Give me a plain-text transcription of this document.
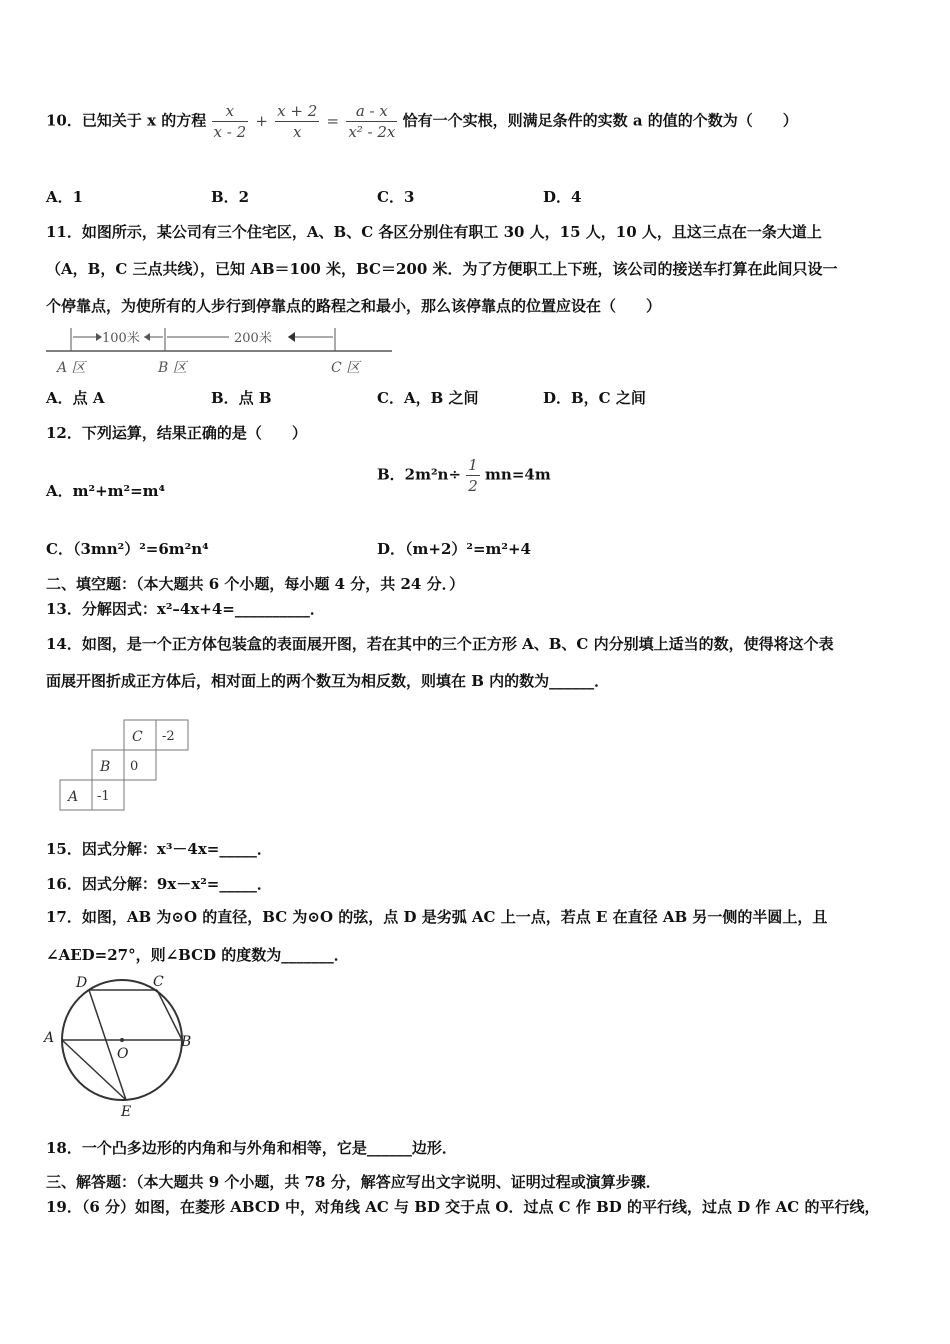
10．已知关于 x 的方程 $\frac{x}{x - 2} + \frac{x + 2}{x} = \frac{a - x}{\text{x² - 2x}}$ 恰有一个实根，则满足条件的实数 a 的值的个数为（　　）
A．1	B．2	C．3	D．4
11．如图所示，某公司有三个住宅区，A、B、C 各区分别住有职工 30 人，15 人，10 人，且这三点在一条大道上
（A，B，C 三点共线），已知 AB＝100 米，BC＝200 米．为了方便职工上下班，该公司的接送车打算在此间只设一
个停靠点，为使所有的人步行到停靠点的路程之和最小，那么该停靠点的位置应设在（　　）
100米	200米
A 区	B 区	C 区
A．点 A	B．点 B	C．A，B 之间	D．B，C 之间
12．下列运算，结果正确的是（　　）
A．m²+m²=m⁴
B．$2m^2n\div \frac{1}{2} mn=4m$
C．（3mn²）²=6m²n⁴	D．（m+2）²=m²+4
二、填空题：（本大题共 6 个小题，每小题 4 分，共 24 分．）
13．分解因式：x²–4x+4=__________．
14．如图，是一个正方体包装盒的表面展开图，若在其中的三个正方形 A、B、C 内分别填上适当的数，使得将这个表
面展开图折成正方体后，相对面上的两个数互为相反数，则填在 B 内的数为______．
C -2
B 0
A -1
15．因式分解：x³－4x=_____．
16．因式分解：9x－x²=_____．
17．如图，AB 为⊙O 的直径，BC 为⊙O 的弦，点 D 是劣弧 AC 上一点，若点 E 在直径 AB 另一侧的半圆上，且
∠AED=27°，则∠BCD 的度数为_______．
D	C
A
O
B
E
18．一个凸多边形的内角和与外角和相等，它是______边形．
三、解答题：（本大题共 9 个小题，共 78 分，解答应写出文字说明、证明过程或演算步骤．
19．（6 分）如图，在菱形 ABCD 中，对角线 AC 与 BD 交于点 O．过点 C 作 BD 的平行线，过点 D 作 AC 的平行线，
